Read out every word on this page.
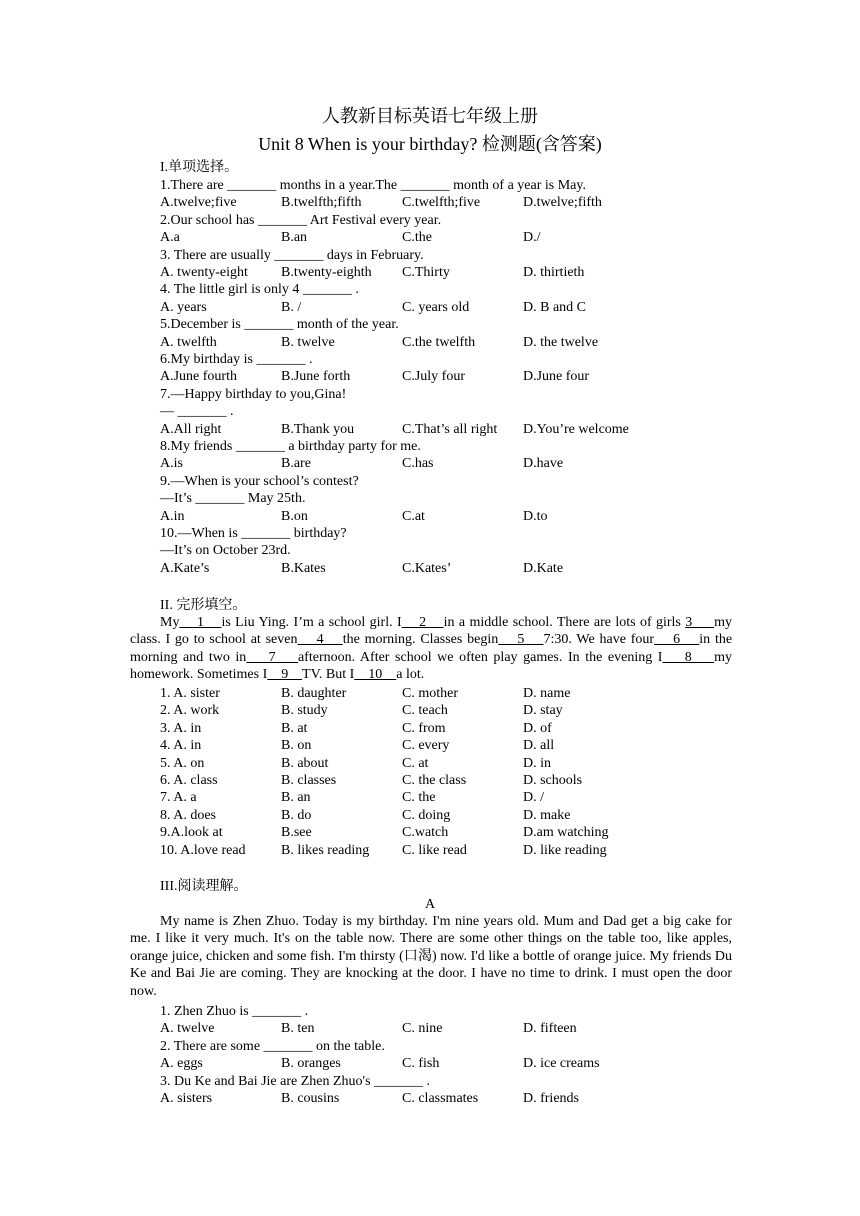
人教新目标英语七年级上册
Unit 8 When is your birthday? 检测题(含答案)
I.单项选择。
1.There are _______ months in a year.The _______ month of a year is May.
A.twelve;five	B.twelfth;fifth	C.twelfth;five	D.twelve;fifth
2.Our school has _______ Art Festival every year.
A.a	B.an	C.the	D./
3. There are usually _______ days in February.
A. twenty-eight B.twenty-eighth C.Thirty	D. thirtieth
4. The little girl is only 4 _______ .
A. years	B. /	C. years old	D. B and C
5.December is _______ month of the year.
A. twelfth	B. twelve	C.the twelfth	D. the twelve
6.My birthday is _______ .
A.June fourth	B.June forth	C.July four	D.June four
7.—Happy birthday to you,Gina!
— _______ .
A.All right	B.Thank you	C.That’s all right D.You’re welcome
8.My friends _______ a birthday party for me.
A.is	B.are	C.has	D.have
9.—When is your school’s contest?
—It’s _______ May 25th.
A.in	B.on	C.at	D.to
10.—When is _______ birthday?
—It’s on October 23rd.
A.Kate’s	B.Kates	C.Kates’	D.Kate
II. 完形填空。
My    1    is Liu Ying. I’m a school girl. I    2    in a middle school. There are lots of girls 3     my class. I go to school at seven    4    the morning. Classes begin    5    7:30. We have four    6    in the morning and two in    7    afternoon. After school we often play games. In the evening I    8    my homework. Sometimes I    9    TV. But I    10    a lot.
1. A. sister	B. daughter	C. mother	D. name
2. A. work	B. study	C. teach	D. stay
3. A. in	B. at	C. from	D. of
4. A. in	B. on	C. every	D. all
5. A. on	B. about	C. at	D. in
6. A. class	B. classes	C. the class	D. schools
7. A. a	B. an	C. the	D. /
8. A. does	B. do	C. doing	D. make
9.A.look at	B.see	C.watch	D.am watching
10. A.love read	B. likes reading C. like read	D. like reading
III.阅读理解。
A
My name is Zhen Zhuo. Today is my birthday. I'm nine years old. Mum and Dad get a big cake for me. I like it very much. It's on the table now. There are some other things on the table too, like apples, orange juice, chicken and some fish. I'm thirsty (口渴) now. I'd like a bottle of orange juice. My friends Du Ke and Bai Jie are coming. They are knocking at the door. I have no time to drink. I must open the door now.
1. Zhen Zhuo is _______ .
A. twelve	B. ten	C. nine	D. fifteen
2. There are some _______ on the table.
A. eggs	B. oranges	C. fish	D. ice creams
3. Du Ke and Bai Jie are Zhen Zhuo's _______ .
A. sisters	B. cousins	C. classmates	D. friends
